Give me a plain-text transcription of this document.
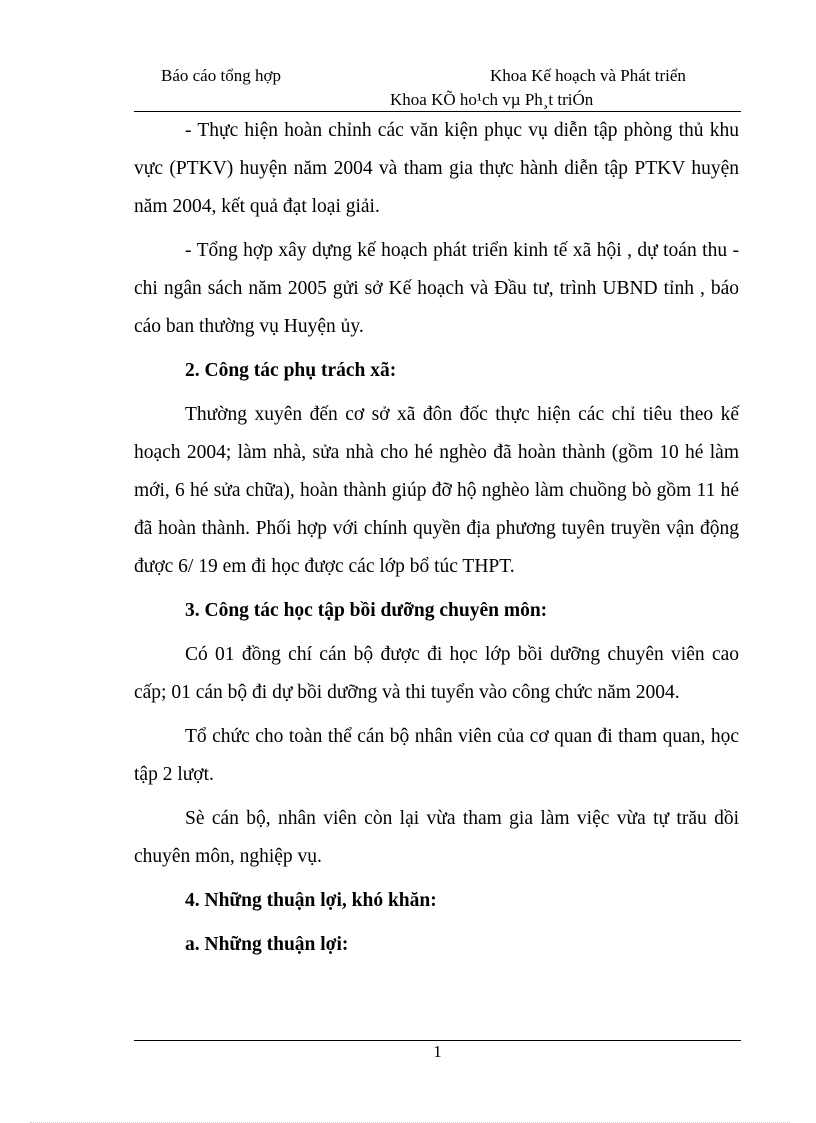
Báo cáo tổng hợp	Khoa Kế hoạch và Phát triển
Khoa KÕ ho¹ch vµ Ph¸t triÓn

- Thực hiện hoàn chỉnh các văn kiện phục vụ diễn tập phòng thủ khu vực (PTKV) huyện năm 2004 và tham gia thực hành diễn tập PTKV huyện năm 2004, kết quả đạt loại giải.

- Tổng hợp xây dựng kế hoạch phát triển kinh tế xã hội , dự toán thu - chi ngân sách năm 2005 gửi sở Kế hoạch và Đầu tư, trình UBND tỉnh , báo cáo ban thường vụ Huyện ủy.

2. Công tác phụ trách xã:

Thường xuyên đến cơ sở xã đôn đốc thực hiện các chỉ tiêu theo kế hoạch 2004; làm nhà, sửa nhà cho hé nghèo đã hoàn thành (gồm 10 hé làm mới, 6 hé sửa chữa), hoàn thành giúp đỡ hộ nghèo làm chuồng bò gồm 11 hé đã hoàn thành. Phối hợp với chính quyền địa phương tuyên truyền vận động được 6/ 19 em đi học được các lớp bổ túc THPT.

3. Công tác học tập bồi dưỡng chuyên môn:

Có 01 đồng chí cán bộ được đi học lớp bồi dưỡng chuyên viên cao cấp; 01 cán bộ đi dự bồi dưỡng và thi tuyển vào công chức năm 2004.

Tổ chức cho toàn thể cán bộ nhân viên của cơ quan đi tham quan, học tập 2 lượt.

Sè cán bộ, nhân viên còn lại vừa tham gia làm việc vừa tự trău dồi chuyên môn, nghiệp vụ.

4. Những thuận lợi, khó khăn:

a. Những thuận lợi:

1
